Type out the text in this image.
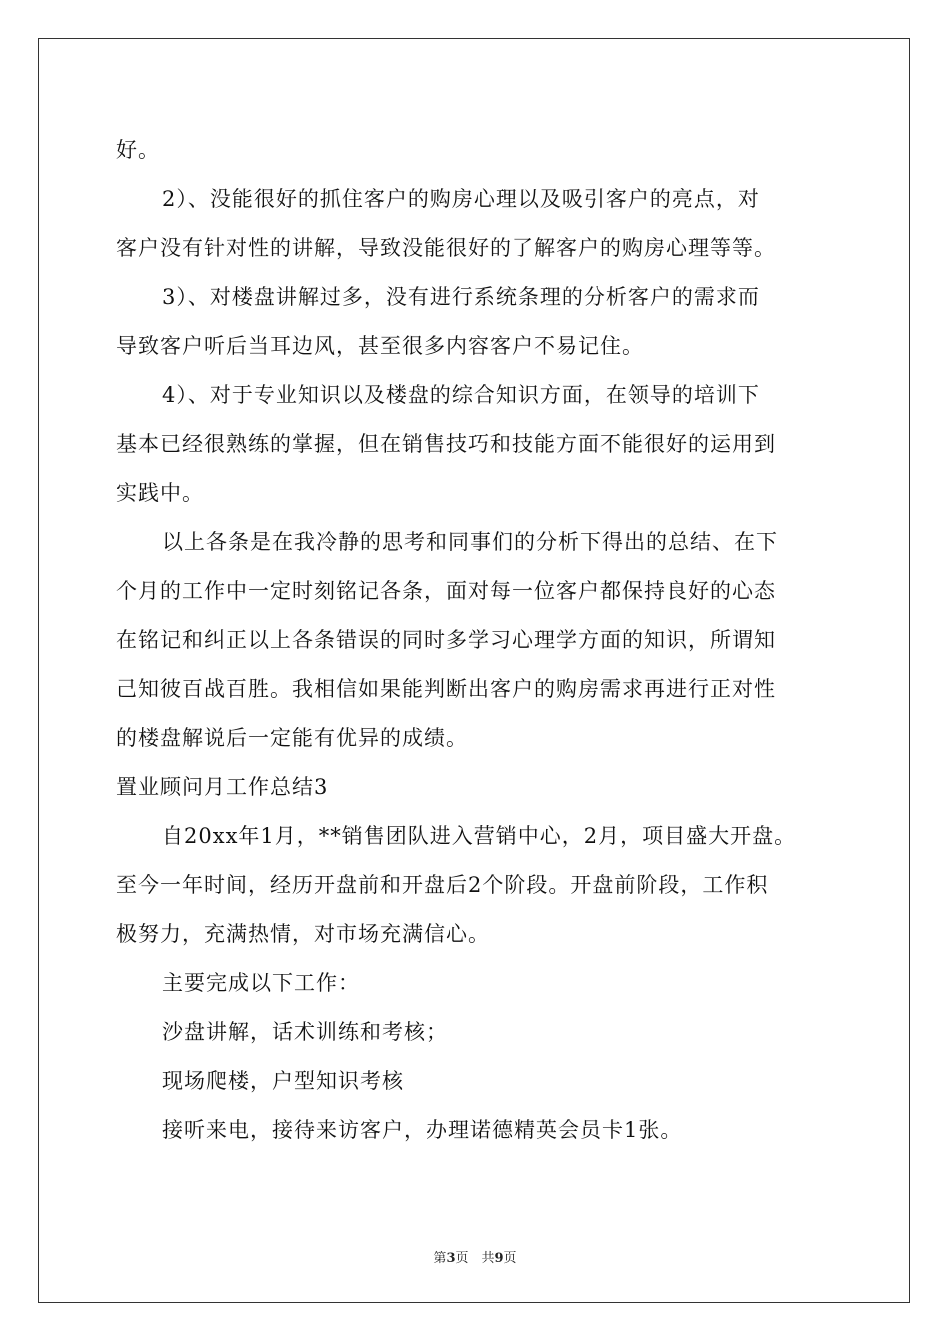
好。
2）、没能很好的抓住客户的购房心理以及吸引客户的亮点，对
客户没有针对性的讲解，导致没能很好的了解客户的购房心理等等。
3）、对楼盘讲解过多，没有进行系统条理的分析客户的需求而
导致客户听后当耳边风，甚至很多内容客户不易记住。
4）、对于专业知识以及楼盘的综合知识方面，在领导的培训下
基本已经很熟练的掌握，但在销售技巧和技能方面不能很好的运用到
实践中。
以上各条是在我冷静的思考和同事们的分析下得出的总结、在下
个月的工作中一定时刻铭记各条，面对每一位客户都保持良好的心态
在铭记和纠正以上各条错误的同时多学习心理学方面的知识，所谓知
己知彼百战百胜。我相信如果能判断出客户的购房需求再进行正对性
的楼盘解说后一定能有优异的成绩。
置业顾问月工作总结3
自20xx年1月，**销售团队进入营销中心，2月，项目盛大开盘。
至今一年时间，经历开盘前和开盘后2个阶段。开盘前阶段，工作积
极努力，充满热情，对市场充满信心。
主要完成以下工作：
沙盘讲解，话术训练和考核；
现场爬楼，户型知识考核
接听来电，接待来访客户，办理诺德精英会员卡1张。
第3页　共9页
